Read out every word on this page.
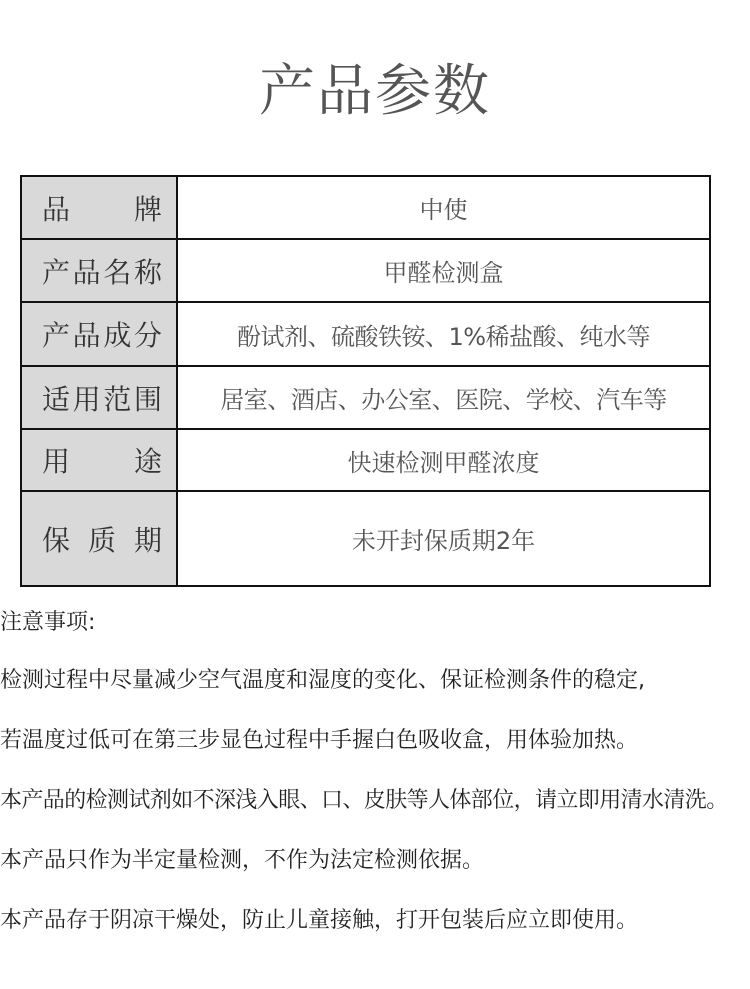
产品参数
品牌	中使

产品名称	甲醛检测盒

产品成分	酚试剂、硫酸铁铵、1%稀盐酸、纯水等

适用范围	居室、酒店、办公室、医院、学校、汽车等

用途	快速检测甲醛浓度

保质期	未开封保质期2年
注意事项:
检测过程中尽量减少空气温度和湿度的变化、保证检测条件的稳定,
若温度过低可在第三步显色过程中手握白色吸收盒，用体验加热。
本产品的检测试剂如不深浅入眼、口、皮肤等人体部位，请立即用清水清洗。
本产品只作为半定量检测，不作为法定检测依据。
本产品存于阴凉干燥处，防止儿童接触，打开包装后应立即使用。
